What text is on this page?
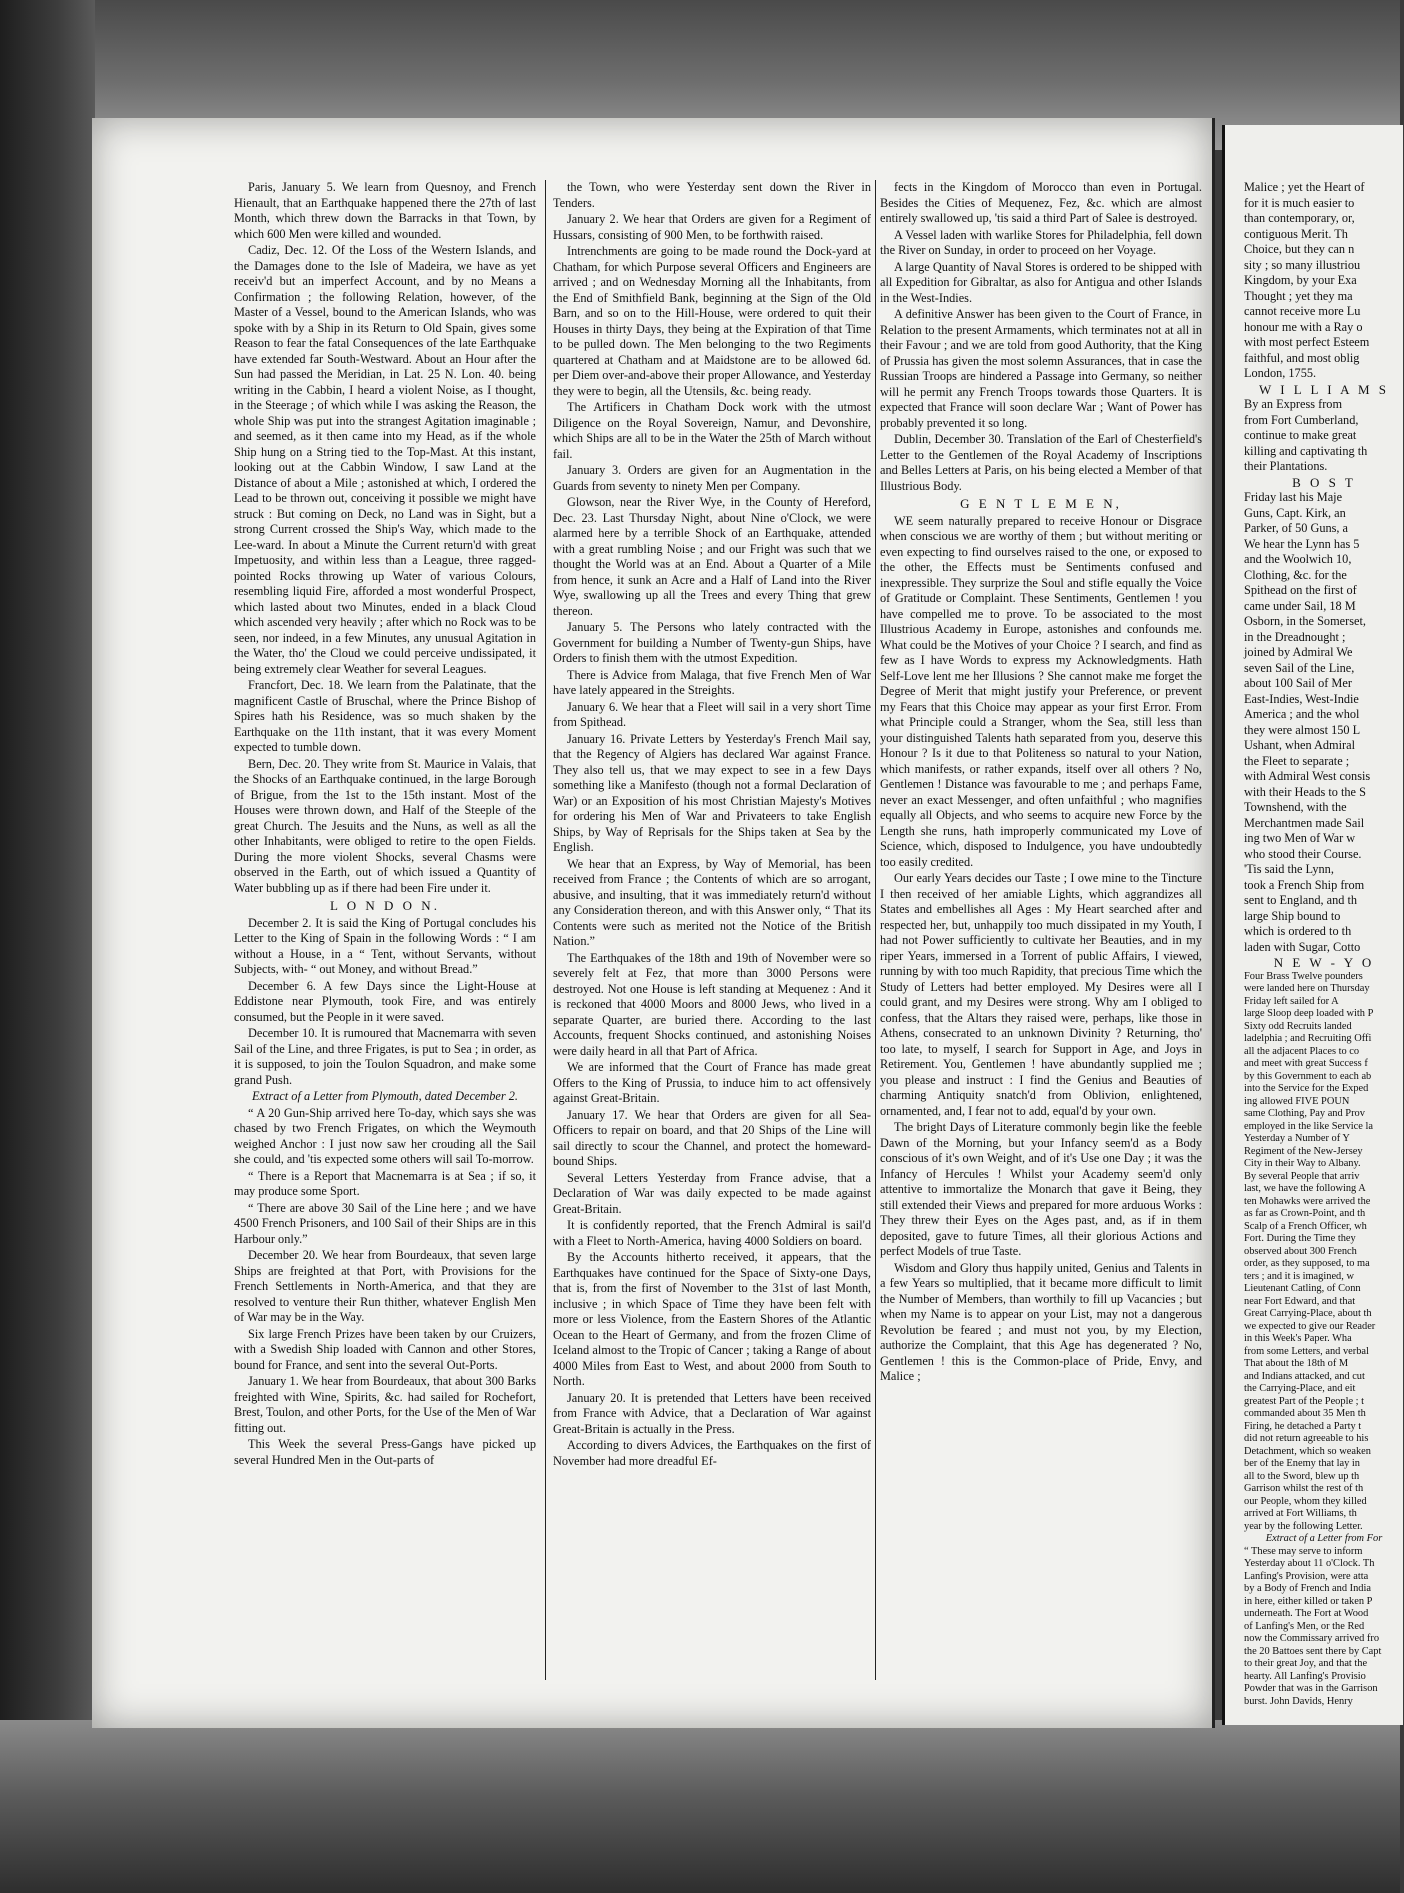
Paris, January 5. We learn from Quesnoy, and French Hienault, that an Earthquake happened there the 27th of last Month, which threw down the Barracks in that Town, by which 600 Men were killed and wounded.

Cadiz, Dec. 12. Of the Loss of the Western Islands, and the Damages done to the Isle of Madeira, we have as yet receiv'd but an imperfect Account, and by no Means a Confirmation ; the following Relation, however, of the Master of a Vessel, bound to the American Islands, who was spoke with by a Ship in its Return to Old Spain, gives some Reason to fear the fatal Consequences of the late Earthquake have extended far South-Westward. About an Hour after the Sun had passed the Meridian, in Lat. 25 N. Lon. 40. being writing in the Cabbin, I heard a violent Noise, as I thought, in the Steerage ; of which while I was asking the Reason, the whole Ship was put into the strangest Agitation imaginable ; and seemed, as it then came into my Head, as if the whole Ship hung on a String tied to the Top-Mast. At this instant, looking out at the Cabbin Window, I saw Land at the Distance of about a Mile ; astonished at which, I ordered the Lead to be thrown out, conceiving it possible we might have struck : But coming on Deck, no Land was in Sight, but a strong Current crossed the Ship's Way, which made to the Lee-ward. In about a Minute the Current return'd with great Impetuosity, and within less than a League, three ragged-pointed Rocks throwing up Water of various Colours, resembling liquid Fire, afforded a most wonderful Prospect, which lasted about two Minutes, ended in a black Cloud which ascended very heavily ; after which no Rock was to be seen, nor indeed, in a few Minutes, any unusual Agitation in the Water, tho' the Cloud we could perceive undissipated, it being extremely clear Weather for several Leagues.

Francfort, Dec. 18. We learn from the Palatinate, that the magnificent Castle of Bruschal, where the Prince Bishop of Spires hath his Residence, was so much shaken by the Earthquake on the 11th instant, that it was every Moment expected to tumble down.

Bern, Dec. 20. They write from St. Maurice in Valais, that the Shocks of an Earthquake continued, in the large Borough of Brigue, from the 1st to the 15th instant. Most of the Houses were thrown down, and Half of the Steeple of the great Church. The Jesuits and the Nuns, as well as all the other Inhabitants, were obliged to retire to the open Fields. During the more violent Shocks, several Chasms were observed in the Earth, out of which issued a Quantity of Water bubbling up as if there had been Fire under it.

L O N D O N.

December 2. It is said the King of Portugal concludes his Letter to the King of Spain in the following Words : “ I am without a House, in a “ Tent, without Servants, without Subjects, with- “ out Money, and without Bread.”

December 6. A few Days since the Light-House at Eddistone near Plymouth, took Fire, and was entirely consumed, but the People in it were saved.

December 10. It is rumoured that Macnemarra with seven Sail of the Line, and three Frigates, is put to Sea ; in order, as it is supposed, to join the Toulon Squadron, and make some grand Push.

Extract of a Letter from Plymouth, dated December 2.

“ A 20 Gun-Ship arrived here To-day, which says she was chased by two French Frigates, on which the Weymouth weighed Anchor : I just now saw her crouding all the Sail she could, and 'tis expected some others will sail To-morrow.

“ There is a Report that Macnemarra is at Sea ; if so, it may produce some Sport.

“ There are above 30 Sail of the Line here ; and we have 4500 French Prisoners, and 100 Sail of their Ships are in this Harbour only.”

December 20. We hear from Bourdeaux, that seven large Ships are freighted at that Port, with Provisions for the French Settlements in North-America, and that they are resolved to venture their Run thither, whatever English Men of War may be in the Way.

Six large French Prizes have been taken by our Cruizers, with a Swedish Ship loaded with Cannon and other Stores, bound for France, and sent into the several Out-Ports.

January 1. We hear from Bourdeaux, that about 300 Barks freighted with Wine, Spirits, &c. had sailed for Rochefort, Brest, Toulon, and other Ports, for the Use of the Men of War fitting out.

This Week the several Press-Gangs have picked up several Hundred Men in the Out-parts of

the Town, who were Yesterday sent down the River in Tenders.

January 2. We hear that Orders are given for a Regiment of Hussars, consisting of 900 Men, to be forthwith raised.

Intrenchments are going to be made round the Dock-yard at Chatham, for which Purpose several Officers and Engineers are arrived ; and on Wednesday Morning all the Inhabitants, from the End of Smithfield Bank, beginning at the Sign of the Old Barn, and so on to the Hill-House, were ordered to quit their Houses in thirty Days, they being at the Expiration of that Time to be pulled down. The Men belonging to the two Regiments quartered at Chatham and at Maidstone are to be allowed 6d. per Diem over-and-above their proper Allowance, and Yesterday they were to begin, all the Utensils, &c. being ready.

The Artificers in Chatham Dock work with the utmost Diligence on the Royal Sovereign, Namur, and Devonshire, which Ships are all to be in the Water the 25th of March without fail.

January 3. Orders are given for an Augmentation in the Guards from seventy to ninety Men per Company.

Glowson, near the River Wye, in the County of Hereford, Dec. 23. Last Thursday Night, about Nine o'Clock, we were alarmed here by a terrible Shock of an Earthquake, attended with a great rumbling Noise ; and our Fright was such that we thought the World was at an End. About a Quarter of a Mile from hence, it sunk an Acre and a Half of Land into the River Wye, swallowing up all the Trees and every Thing that grew thereon.

January 5. The Persons who lately contracted with the Government for building a Number of Twenty-gun Ships, have Orders to finish them with the utmost Expedition.

There is Advice from Malaga, that five French Men of War have lately appeared in the Streights.

January 6. We hear that a Fleet will sail in a very short Time from Spithead.

January 16. Private Letters by Yesterday's French Mail say, that the Regency of Algiers has declared War against France. They also tell us, that we may expect to see in a few Days something like a Manifesto (though not a formal Declaration of War) or an Exposition of his most Christian Majesty's Motives for ordering his Men of War and Privateers to take English Ships, by Way of Reprisals for the Ships taken at Sea by the English.

We hear that an Express, by Way of Memorial, has been received from France ; the Contents of which are so arrogant, abusive, and insulting, that it was immediately return'd without any Consideration thereon, and with this Answer only, “ That its Contents were such as merited not the Notice of the British Nation.”

The Earthquakes of the 18th and 19th of November were so severely felt at Fez, that more than 3000 Persons were destroyed. Not one House is left standing at Mequenez : And it is reckoned that 4000 Moors and 8000 Jews, who lived in a separate Quarter, are buried there. According to the last Accounts, frequent Shocks continued, and astonishing Noises were daily heard in all that Part of Africa.

We are informed that the Court of France has made great Offers to the King of Prussia, to induce him to act offensively against Great-Britain.

January 17. We hear that Orders are given for all Sea-Officers to repair on board, and that 20 Ships of the Line will sail directly to scour the Channel, and protect the homeward-bound Ships.

Several Letters Yesterday from France advise, that a Declaration of War was daily expected to be made against Great-Britain.

It is confidently reported, that the French Admiral is sail'd with a Fleet to North-America, having 4000 Soldiers on board.

By the Accounts hitherto received, it appears, that the Earthquakes have continued for the Space of Sixty-one Days, that is, from the first of November to the 31st of last Month, inclusive ; in which Space of Time they have been felt with more or less Violence, from the Eastern Shores of the Atlantic Ocean to the Heart of Germany, and from the frozen Clime of Iceland almost to the Tropic of Cancer ; taking a Range of about 4000 Miles from East to West, and about 2000 from South to North.

January 20. It is pretended that Letters have been received from France with Advice, that a Declaration of War against Great-Britain is actually in the Press.

According to divers Advices, the Earthquakes on the first of November had more dreadful Ef-

fects in the Kingdom of Morocco than even in Portugal. Besides the Cities of Mequenez, Fez, &c. which are almost entirely swallowed up, 'tis said a third Part of Salee is destroyed.

A Vessel laden with warlike Stores for Philadelphia, fell down the River on Sunday, in order to proceed on her Voyage.

A large Quantity of Naval Stores is ordered to be shipped with all Expedition for Gibraltar, as also for Antigua and other Islands in the West-Indies.

A definitive Answer has been given to the Court of France, in Relation to the present Armaments, which terminates not at all in their Favour ; and we are told from good Authority, that the King of Prussia has given the most solemn Assurances, that in case the Russian Troops are hindered a Passage into Germany, so neither will he permit any French Troops towards those Quarters. It is expected that France will soon declare War ; Want of Power has probably prevented it so long.

Dublin, December 30. Translation of the Earl of Chesterfield's Letter to the Gentlemen of the Royal Academy of Inscriptions and Belles Letters at Paris, on his being elected a Member of that Illustrious Body.

G E N T L E M E N,

WE seem naturally prepared to receive Honour or Disgrace when conscious we are worthy of them ; but without meriting or even expecting to find ourselves raised to the one, or exposed to the other, the Effects must be Sentiments confused and inexpressible. They surprize the Soul and stifle equally the Voice of Gratitude or Complaint. These Sentiments, Gentlemen ! you have compelled me to prove. To be associated to the most Illustrious Academy in Europe, astonishes and confounds me. What could be the Motives of your Choice ? I search, and find as few as I have Words to express my Acknowledgments. Hath Self-Love lent me her Illusions ? She cannot make me forget the Degree of Merit that might justify your Preference, or prevent my Fears that this Choice may appear as your first Error. From what Principle could a Stranger, whom the Sea, still less than your distinguished Talents hath separated from you, deserve this Honour ? Is it due to that Politeness so natural to your Nation, which manifests, or rather expands, itself over all others ? No, Gentlemen ! Distance was favourable to me ; and perhaps Fame, never an exact Messenger, and often unfaithful ; who magnifies equally all Objects, and who seems to acquire new Force by the Length she runs, hath improperly communicated my Love of Science, which, disposed to Indulgence, you have undoubtedly too easily credited.

Our early Years decides our Taste ; I owe mine to the Tincture I then received of her amiable Lights, which aggrandizes all States and embellishes all Ages : My Heart searched after and respected her, but, unhappily too much dissipated in my Youth, I had not Power sufficiently to cultivate her Beauties, and in my riper Years, immersed in a Torrent of public Affairs, I viewed, running by with too much Rapidity, that precious Time which the Study of Letters had better employed. My Desires were all I could grant, and my Desires were strong. Why am I obliged to confess, that the Altars they raised were, perhaps, like those in Athens, consecrated to an unknown Divinity ? Returning, tho' too late, to myself, I search for Support in Age, and Joys in Retirement. You, Gentlemen ! have abundantly supplied me ; you please and instruct : I find the Genius and Beauties of charming Antiquity snatch'd from Oblivion, enlightened, ornamented, and, I fear not to add, equal'd by your own.

The bright Days of Literature commonly begin like the feeble Dawn of the Morning, but your Infancy seem'd as a Body conscious of it's own Weight, and of it's Use one Day ; it was the Infancy of Hercules ! Whilst your Academy seem'd only attentive to immortalize the Monarch that gave it Being, they still extended their Views and prepared for more arduous Works : They threw their Eyes on the Ages past, and, as if in them deposited, gave to future Times, all their glorious Actions and perfect Models of true Taste.

Wisdom and Glory thus happily united, Genius and Talents in a few Years so multiplied, that it became more difficult to limit the Number of Members, than worthily to fill up Vacancies ; but when my Name is to appear on your List, may not a dangerous Revolution be feared ; and must not you, by my Election, authorize the Complaint, that this Age has degenerated ? No, Gentlemen ! this is the Common-place of Pride, Envy, and Malice ;

Malice ; yet the Heart of

for it is much easier to

than contemporary, or,

contiguous Merit. Th

Choice, but they can n

sity ; so many illustriou

Kingdom, by your Exa

Thought ; yet they ma

cannot receive more Lu

honour me with a Ray o

with most perfect Esteem

faithful, and most oblig

London, 1755.

W I L L I A M S

By an Express from

from Fort Cumberland,

continue to make great

killing and captivating th

their Plantations.

B O S T

Friday last his Maje

Guns, Capt. Kirk, an

Parker, of 50 Guns, a

We hear the Lynn has 5

and the Woolwich 10,

Clothing, &c. for the

Spithead on the first of

came under Sail, 18 M

Osborn, in the Somerset,

in the Dreadnought ;

joined by Admiral We

seven Sail of the Line,

about 100 Sail of Mer

East-Indies, West-Indie

America ; and the whol

they were almost 150 L

Ushant, when Admiral

the Fleet to separate ;

with Admiral West consis

with their Heads to the S

Townshend, with the

Merchantmen made Sail

ing two Men of War w

who stood their Course.

'Tis said the Lynn,

took a French Ship from

sent to England, and th

large Ship bound to

which is ordered to th

laden with Sugar, Cotto

N E W - Y O

Four Brass Twelve pounders

were landed here on Thursday

Friday left sailed for A

large Sloop deep loaded with P

Sixty odd Recruits landed

ladelphia ; and Recruiting Offi

all the adjacent Places to co

and meet with great Success f

by this Government to each ab

into the Service for the Exped

ing allowed FIVE POUN

same Clothing, Pay and Prov

employed in the like Service la

Yesterday a Number of Y

Regiment of the New-Jersey

City in their Way to Albany.

By several People that arriv

last, we have the following A

ten Mohawks were arrived the

as far as Crown-Point, and th

Scalp of a French Officer, wh

Fort. During the Time they

observed about 300 French

order, as they supposed, to ma

ters ; and it is imagined, w

Lieutenant Catling, of Conn

near Fort Edward, and that

Great Carrying-Place, about th

we expected to give our Reader

in this Week's Paper. Wha

from some Letters, and verbal

That about the 18th of M

and Indians attacked, and cut

the Carrying-Place, and eit

greatest Part of the People ; t

commanded about 35 Men th

Firing, he detached a Party t

did not return agreeable to his

Detachment, which so weaken

ber of the Enemy that lay in

all to the Sword, blew up th

Garrison whilst the rest of th

our People, whom they killed

arrived at Fort Williams, th

year by the following Letter.

Extract of a Letter from For

“ These may serve to inform

Yesterday about 11 o'Clock. Th

Lanfing's Provision, were atta

by a Body of French and India

in here, either killed or taken P

underneath. The Fort at Wood

of Lanfing's Men, or the Red

now the Commissary arrived fro

the 20 Battoes sent there by Capt

to their great Joy, and that the

hearty. All Lanfing's Provisio

Powder that was in the Garrison

burst. John Davids, Henry
